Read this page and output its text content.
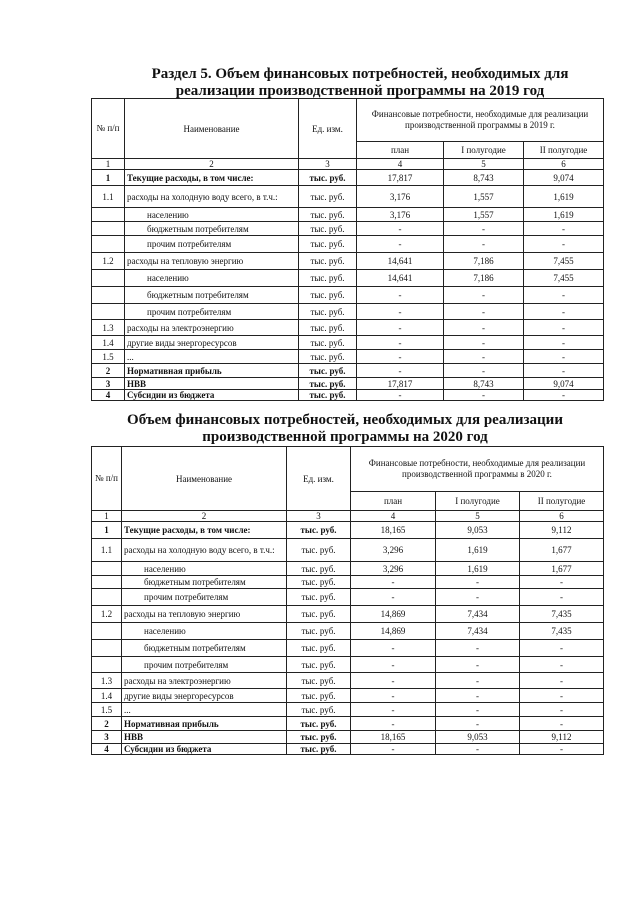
Раздел 5. Объем финансовых потребностей, необходимых для
реализации производственной программы на 2019 год
№ п/п	Наименование	Ед. изм.	Финансовые потребности, необходимые для реализации производственной программы в 2019 г.		
			план	I полугодие	II полугодие
1	2	3	4	5	6
1	Текущие расходы, в том числе:	тыс. руб.	17,817	8,743	9,074
1.1	расходы на холодную воду всего, в т.ч.:	тыс. руб.	3,176	1,557	1,619
	населению	тыс. руб.	3,176	1,557	1,619
	бюджетным потребителям	тыс. руб.	-	-	-
	прочим потребителям	тыс. руб.	-	-	-
1.2	расходы на тепловую энергию	тыс. руб.	14,641	7,186	7,455
	населению	тыс. руб.	14,641	7,186	7,455
	бюджетным потребителям	тыс. руб.	-	-	-
	прочим потребителям	тыс. руб.	-	-	-
1.3	расходы на электроэнергию	тыс. руб.	-	-	-
1.4	другие виды энергоресурсов	тыс. руб.	-	-	-
1.5	...	тыс. руб.	-	-	-
2	Нормативная прибыль	тыс. руб.	-	-	-
3	НВВ	тыс. руб.	17,817	8,743	9,074
4	Субсидии из бюджета	тыс. руб.	-	-	-
Объем финансовых потребностей, необходимых для реализации
производственной программы на 2020 год
№ п/п	Наименование	Ед. изм.	Финансовые потребности, необходимые для реализации производственной программы в 2020 г.		
			план	I полугодие	II полугодие
1	2	3	4	5	6
1	Текущие расходы, в том числе:	тыс. руб.	18,165	9,053	9,112
1.1	расходы на холодную воду всего, в т.ч.:	тыс. руб.	3,296	1,619	1,677
	населению	тыс. руб.	3,296	1,619	1,677
	бюджетным потребителям	тыс. руб.	-	-	-
	прочим потребителям	тыс. руб.	-	-	-
1.2	расходы на тепловую энергию	тыс. руб.	14,869	7,434	7,435
	населению	тыс. руб.	14,869	7,434	7,435
	бюджетным потребителям	тыс. руб.	-	-	-
	прочим потребителям	тыс. руб.	-	-	-
1.3	расходы на электроэнергию	тыс. руб.	-	-	-
1.4	другие виды энергоресурсов	тыс. руб.	-	-	-
1.5	...	тыс. руб.	-	-	-
2	Нормативная прибыль	тыс. руб.	-	-	-
3	НВВ	тыс. руб.	18,165	9,053	9,112
4	Субсидии из бюджета	тыс. руб.	-	-	-
